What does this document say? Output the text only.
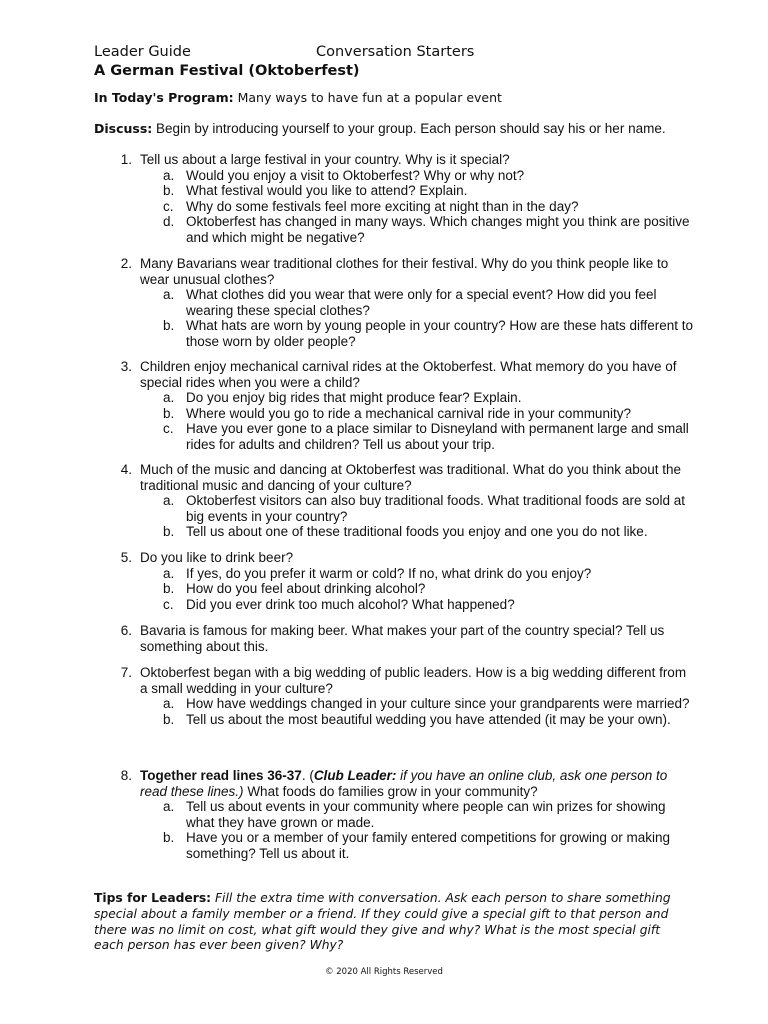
Leader Guide	Conversation Starters
A German Festival (Oktoberfest)
In Today's Program: Many ways to have fun at a popular event
Discuss: Begin by introducing yourself to your group. Each person should say his or her name.
1. Tell us about a large festival in your country. Why is it special?
a. Would you enjoy a visit to Oktoberfest? Why or why not?
b. What festival would you like to attend? Explain.
c. Why do some festivals feel more exciting at night than in the day?
d. Oktoberfest has changed in many ways. Which changes might you think are positive and which might be negative?
2. Many Bavarians wear traditional clothes for their festival. Why do you think people like to wear unusual clothes?
a. What clothes did you wear that were only for a special event? How did you feel wearing these special clothes?
b. What hats are worn by young people in your country? How are these hats different to those worn by older people?
3. Children enjoy mechanical carnival rides at the Oktoberfest. What memory do you have of special rides when you were a child?
a. Do you enjoy big rides that might produce fear? Explain.
b. Where would you go to ride a mechanical carnival ride in your community?
c. Have you ever gone to a place similar to Disneyland with permanent large and small rides for adults and children? Tell us about your trip.
4. Much of the music and dancing at Oktoberfest was traditional. What do you think about the traditional music and dancing of your culture?
a. Oktoberfest visitors can also buy traditional foods. What traditional foods are sold at big events in your country?
b. Tell us about one of these traditional foods you enjoy and one you do not like.
5. Do you like to drink beer?
a. If yes, do you prefer it warm or cold? If no, what drink do you enjoy?
b. How do you feel about drinking alcohol?
c. Did you ever drink too much alcohol? What happened?
6. Bavaria is famous for making beer. What makes your part of the country special? Tell us something about this.
7. Oktoberfest began with a big wedding of public leaders. How is a big wedding different from a small wedding in your culture?
a. How have weddings changed in your culture since your grandparents were married?
b. Tell us about the most beautiful wedding you have attended (it may be your own).
8. Together read lines 36-37. (Club Leader: if you have an online club, ask one person to read these lines.) What foods do families grow in your community?
a. Tell us about events in your community where people can win prizes for showing what they have grown or made.
b. Have you or a member of your family entered competitions for growing or making something? Tell us about it.
Tips for Leaders: Fill the extra time with conversation. Ask each person to share something special about a family member or a friend. If they could give a special gift to that person and there was no limit on cost, what gift would they give and why? What is the most special gift each person has ever been given? Why?
© 2020 All Rights Reserved
